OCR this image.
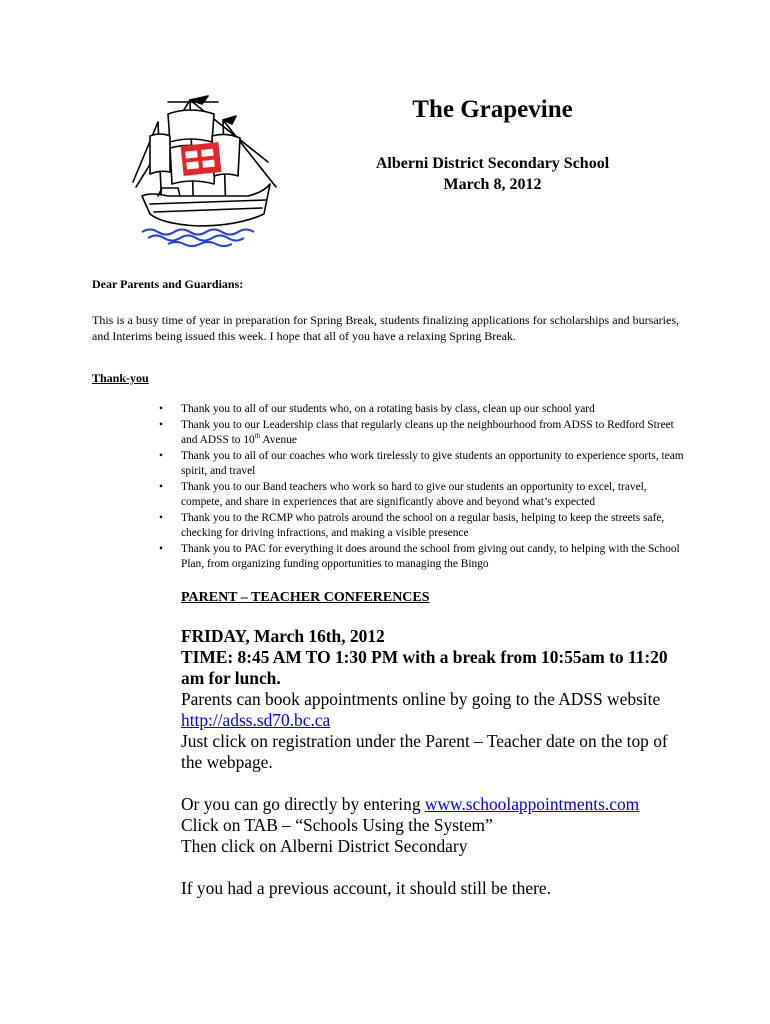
The Grapevine
Alberni District Secondary School
March 8, 2012
Dear Parents and Guardians:
This is a busy time of year in preparation for Spring Break, students finalizing applications for scholarships and bursaries, and Interims being issued this week. I hope that all of you have a relaxing Spring Break.
Thank-you
• Thank you to all of our students who, on a rotating basis by class, clean up our school yard
• Thank you to our Leadership class that regularly cleans up the neighbourhood from ADSS to Redford Street and ADSS to 10th Avenue
• Thank you to all of our coaches who work tirelessly to give students an opportunity to experience sports, team spirit, and travel
• Thank you to our Band teachers who work so hard to give our students an opportunity to excel, travel, compete, and share in experiences that are significantly above and beyond what’s expected
• Thank you to the RCMP who patrols around the school on a regular basis, helping to keep the streets safe, checking for driving infractions, and making a visible presence
• Thank you to PAC for everything it does around the school from giving out candy, to helping with the School Plan, from organizing funding opportunities to managing the Bingo
PARENT – TEACHER CONFERENCES
FRIDAY, March 16th, 2012
TIME: 8:45 AM TO 1:30 PM with a break from 10:55am to 11:20
am for lunch.
Parents can book appointments online by going to the ADSS website
http://adss.sd70.bc.ca
Just click on registration under the Parent – Teacher date on the top of
the webpage.
Or you can go directly by entering www.schoolappointments.com
Click on TAB – “Schools Using the System”
Then click on Alberni District Secondary
If you had a previous account, it should still be there.
